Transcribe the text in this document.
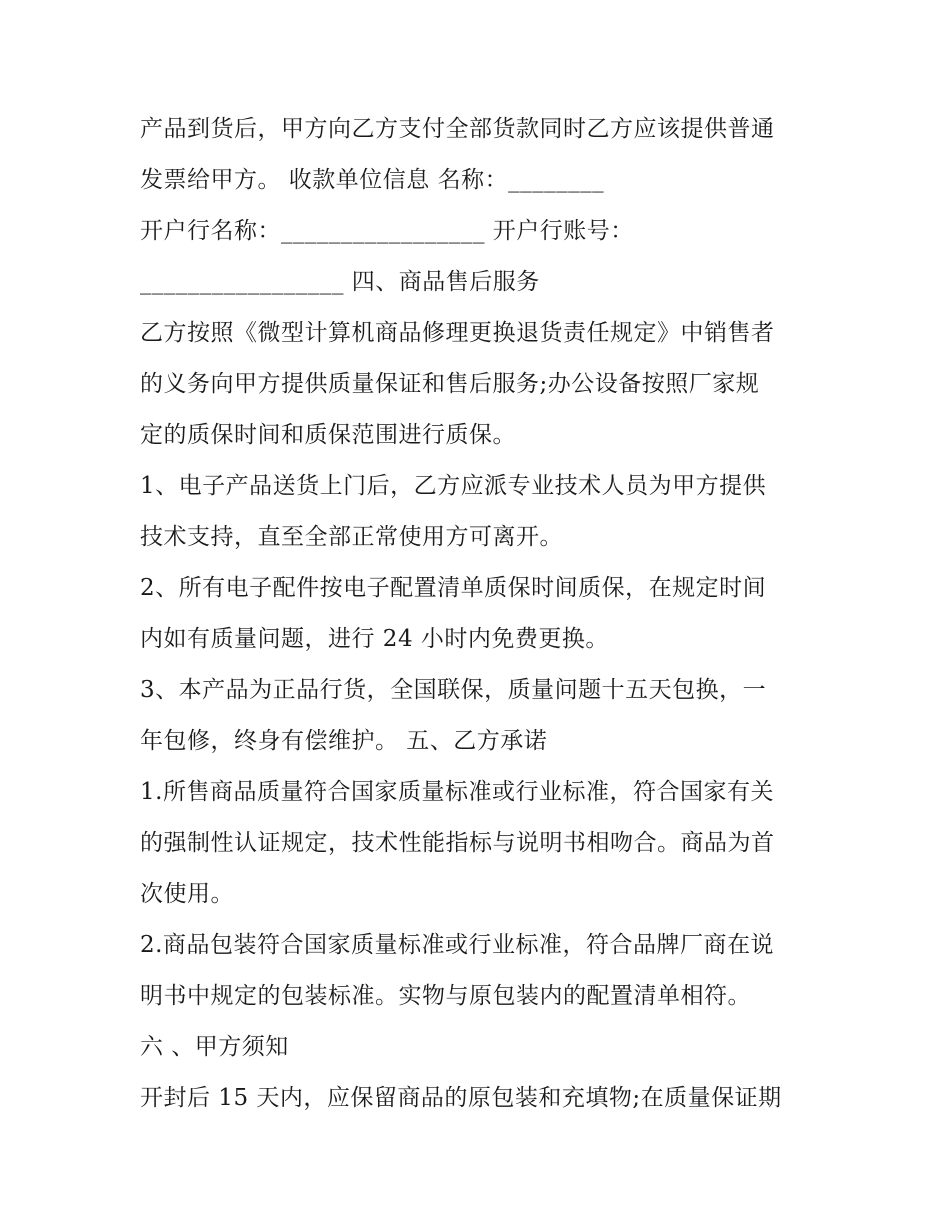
产品到货后，甲方向乙方支付全部货款同时乙方应该提供普通
发票给甲方。 收款单位信息 名称：________
开户行名称：_________________ 开户行账号：
_________________ 四、商品售后服务
乙方按照《微型计算机商品修理更换退货责任规定》中销售者
的义务向甲方提供质量保证和售后服务;办公设备按照厂家规
定的质保时间和质保范围进行质保。
1、电子产品送货上门后，乙方应派专业技术人员为甲方提供
技术支持，直至全部正常使用方可离开。
2、所有电子配件按电子配置清单质保时间质保，在规定时间
内如有质量问题，进行 24 小时内免费更换。
3、本产品为正品行货，全国联保，质量问题十五天包换，一
年包修，终身有偿维护。 五、乙方承诺
1.所售商品质量符合国家质量标准或行业标准，符合国家有关
的强制性认证规定，技术性能指标与说明书相吻合。商品为首
次使用。
2.商品包装符合国家质量标准或行业标准，符合品牌厂商在说
明书中规定的包装标准。实物与原包装内的配置清单相符。
六 、甲方须知
开封后 15 天内，应保留商品的原包装和充填物;在质量保证期
